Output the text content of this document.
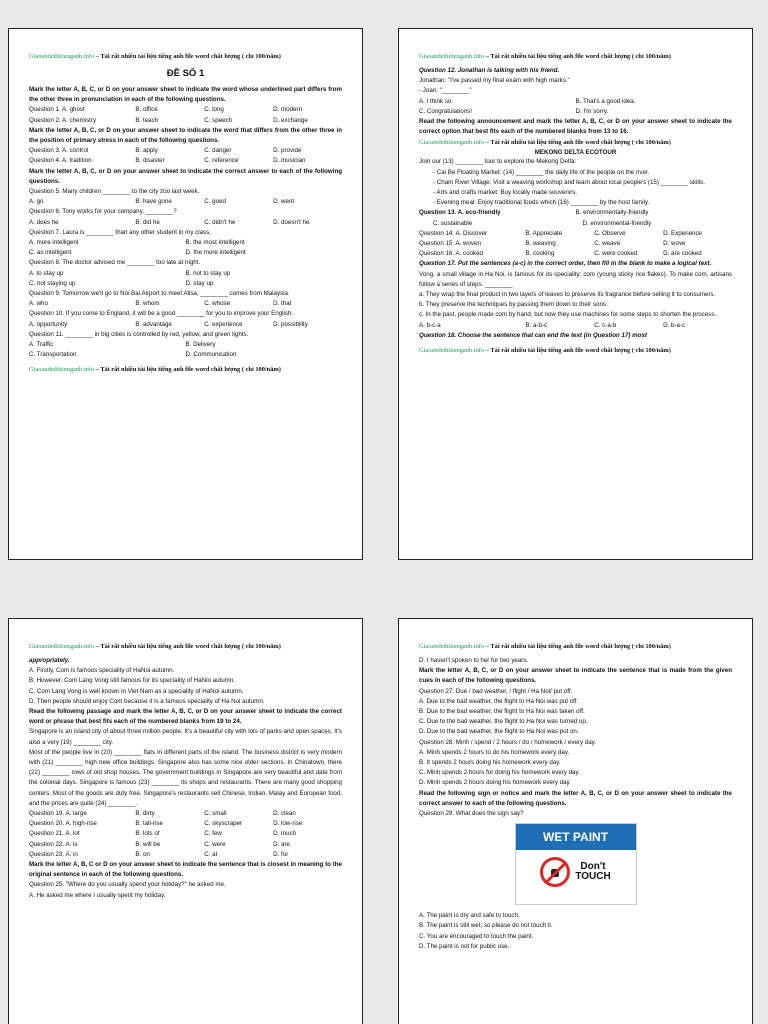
Giaoandethitienganh.info – Tài rất nhiều tài liệu tiếng anh file word chất lượng ( chỉ 100/năm)
ĐỀ SỐ 1
Mark the letter A, B, C, or D on your answer sheet to indicate the word whose underlined part differs from the other three in pronunciation in each of the following questions.
Question 1. A. ghost	B. office	C. long	D. modern
Question 2. A. chemistry	B. teach	C. speech	D. exchange
Mark the letter A, B, C, or D on your answer sheet to indicate the word that differs from the other three in the position of primary stress in each of the following questions.
Question 3. A. control	B. apply	C. danger	D. provide
Question 4. A. tradition	B. disaster	C. reference	D. musician
Mark the letter A, B, C, or D on your answer sheet to indicate the correct answer to each of the following questions.
Question 5. Many children ________ to the city zoo last week.
A. go	B. have gone	C. goed	D. went
Question 6. Tony works for your company, ________?
A. does he	B. did he	C. didn't he	D. doesn't he
Question 7. Laura is ________ than any other student in my class.
A. more intelligent	B. the most intelligent
C. as intelligent	D. the more intelligent
Question 8. The doctor advised me ________ too late at night.
A. to stay up	B. not to stay up
C. not staying up	D. stay up
Question 9. Tomorrow we'll go to Noi Bai Airport to meet Alisa, ________ comes from Malaysia.
A. who	B. whom	C. whose	D. that
Question 10. If you come to England, it will be a good ________ for you to improve your English.
A. opportunity	B. advantage	C. experience	D. possibility
Question 11. ________ in big cities is controlled by red, yellow, and green lights.
A. Traffic	B. Delivery
C. Transportation	D. Communication
Giaoandethitienganh.info – Tài rất nhiều tài liệu tiếng anh file word chất lượng ( chỉ 100/năm)
Giaoandethitienganh.info – Tài rất nhiều tài liệu tiếng anh file word chất lượng ( chỉ 100/năm)
Question 12. Jonathan is talking with his friend.
Jonathan: "I've passed my final exam with high marks."
- Joan: "________"
A. I think so.	B. That's a good idea.
C. Congratulations!	D. I'm sorry.
Read the following announcement and mark the letter A, B, C, or D on your answer sheet to indicate the correct option that best fits each of the numbered blanks from 13 to 16.
Giaoandethitienganh.info – Tài rất nhiều tài liệu tiếng anh file word chất lượng ( chỉ 100/năm)
MEKONG DELTA ECOTOUR
Join our (13) ________ tour to explore the Mekong Delta:
- Cai Be Floating Market: (14) ________ the daily life of the people on the river.
- Cham River Village: Visit a weaving workshop and learn about local people's (15) ________ skills.
- Arts and crafts market: Buy locally made souvenirs.
- Evening meal: Enjoy traditional foods which (16) ________ by the host family.
Question 13. A. eco-friendly	B. environmentally-friendly
C. sustainable	D. environmental-friendly
Question 14. A. Discover	B. Appreciate	C. Observe	D. Experience
Question 15. A. woven	B. weaving	C. weave	D. wove
Question 16. A. cooked	B. cooking	C. were cooked	D. are cooked
Question 17. Put the sentences (a-c) in the correct order, then fill in the blank to make a logical text.
Vong, a small village in Ha Noi, is famous for its speciality: com (young sticky rice flakes). To make com, artisans follow a series of steps. ________
a. They wrap the final product in two layers of leaves to preserve its fragrance before selling it to consumers.
b. They preserve the techniques by passing them down to their sons.
c. In the past, people made com by hand, but now they use machines for some steps to shorten the process.
A. b-c-a	B. a-b-c	C. c-a-b	D. b-a-c
Question 18. Choose the sentence that can end the text (in Question 17) most
Giaoandethitienganh.info – Tài rất nhiều tài liệu tiếng anh file word chất lượng ( chỉ 100/năm)
Giaoandethitienganh.info – Tài rất nhiều tài liệu tiếng anh file word chất lượng ( chỉ 100/năm)
appropriately.
A. Firstly, Com is famous speciality of HaNoi autumn.
B. However, Com Lang Vong still famous for its speciality of HaNoi autumn.
C. Com Lang Vong is well known in Viet Nam as a speciality of HaNoi autumn.
D. Then people should enjoy Com because it is a famous speciality of Ha Noi autumn.
Read the following passage and mark the letter A, B, C, or D on your answer sheet to indicate the correct word or phrase that best fits each of the numbered blanks from 19 to 24.
Singapore is an island city of about three million people. It's a beautiful city with lots of parks and open spaces. It's also a very (19) ________ city.
Most of the people live in (20) ________ flats in different parts of the island. The business district is very modern with (21) ________ high new office buildings. Singapore also has some nice older sections. In Chinatown, there (22) ________ rows of old shop houses. The government buildings in Singapore are very beautiful and date from the colonial days. Singapore is famous (23) ________ its shops and restaurants. There are many good shopping centers. Most of the goods are duty free. Singapore's restaurants sell Chinese, Indian, Malay and European food, and the prices are quite (24) ________.
Question 19. A. large	B. dirty	C. small	D. clean
Question 20. A. high-rise	B. tall-rise	C. skyscraper	D. low-rise
Question 21. A. lot	B. lots of	C. few	D. much
Question 22. A. is	B. will be	C. were	D. are
Question 23. A. in	B. on	C. at	D. for
Mark the letter A, B, C or D on your answer sheet to indicate the sentence that is closest in meaning to the original sentence in each of the following questions.
Question 25. "Where do you usually spend your holiday?" he asked me.
A. He asked me where I usually spent my holiday.
Giaoandethitienganh.info – Tài rất nhiều tài liệu tiếng anh file word chất lượng ( chỉ 100/năm)
D. I haven't spoken to her for two years.
Mark the letter A, B, C, or D on your answer sheet to indicate the sentence that is made from the given cues in each of the following questions.
Question 27. Due / bad weather, / flight / Ha Noi/ put off.
A. Due to the bad weather, the flight to Ha Noi was put off.
B. Due to the bad weather, the flight to Ha Noi was taken off.
C. Due to the bad weather, the flight to Ha Noi was turned up.
D. Due to the bad weather, the flight to Ha Noi was put on.
Question 28. Minh / spend / 2 hours / do / homework / every day.
A. Minh spends 2 hours to do his homework every day.
B. It spends 2 hours doing his homework every day.
C. Minh spends 2 hours for doing his homework every day.
D. Minh spends 2 hours doing his homework every day.
Read the following sign or notice and mark the letter A, B, C, or D on your answer sheet to indicate the correct answer to each of the following questions.
Question 29. What does the sign say?
WET PAINT
Don't
TOUCH
A. The paint is dry and safe to touch.
B. The paint is still wet, so please do not touch it.
C. You are encouraged to touch the paint.
D. The paint is not for public use.
